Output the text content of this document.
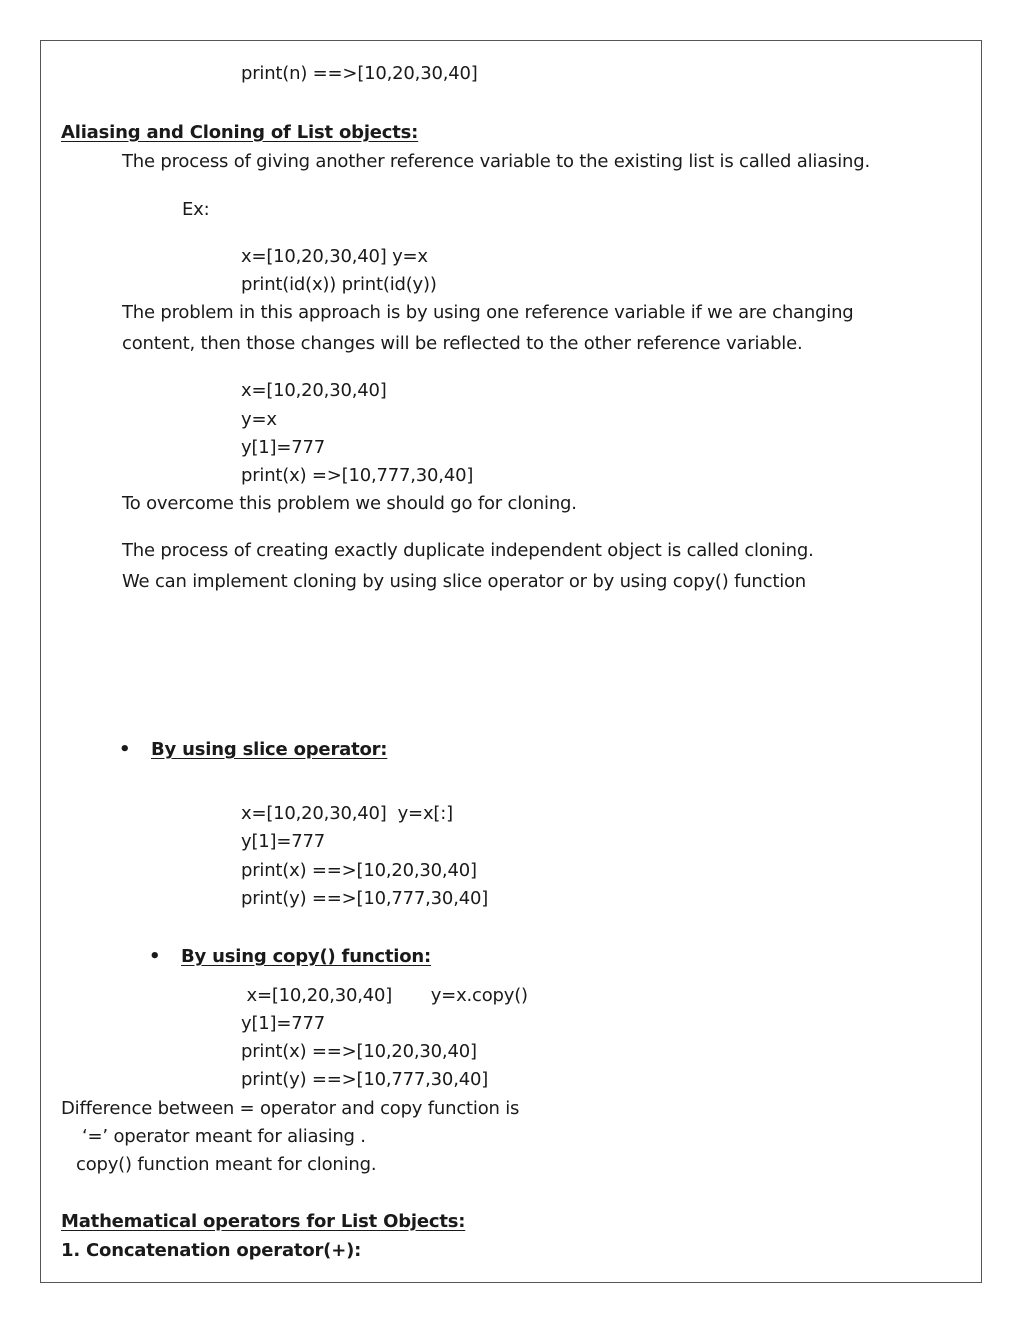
print(n) ==>[10,20,30,40]
Aliasing and Cloning of List objects:
The process of giving another reference variable to the existing list is called aliasing.
Ex:
x=[10,20,30,40] y=x
print(id(x)) print(id(y))
The problem in this approach is by using one reference variable if we are changing
content, then those changes will be reflected to the other reference variable.
x=[10,20,30,40]
y=x
y[1]=777
print(x) =>[10,777,30,40]
To overcome this problem we should go for cloning.
The process of creating exactly duplicate independent object is called cloning.
We can implement cloning by using slice operator or by using copy() function
• By using slice operator:
x=[10,20,30,40]  y=x[:]
y[1]=777
print(x) ==>[10,20,30,40]
print(y) ==>[10,777,30,40]
• By using copy() function:
x=[10,20,30,40]       y=x.copy()
y[1]=777
print(x) ==>[10,20,30,40]
print(y) ==>[10,777,30,40]
Difference between = operator and copy function is
‘=’ operator meant for aliasing .
copy() function meant for cloning.
Mathematical operators for List Objects:
1. Concatenation operator(+):
